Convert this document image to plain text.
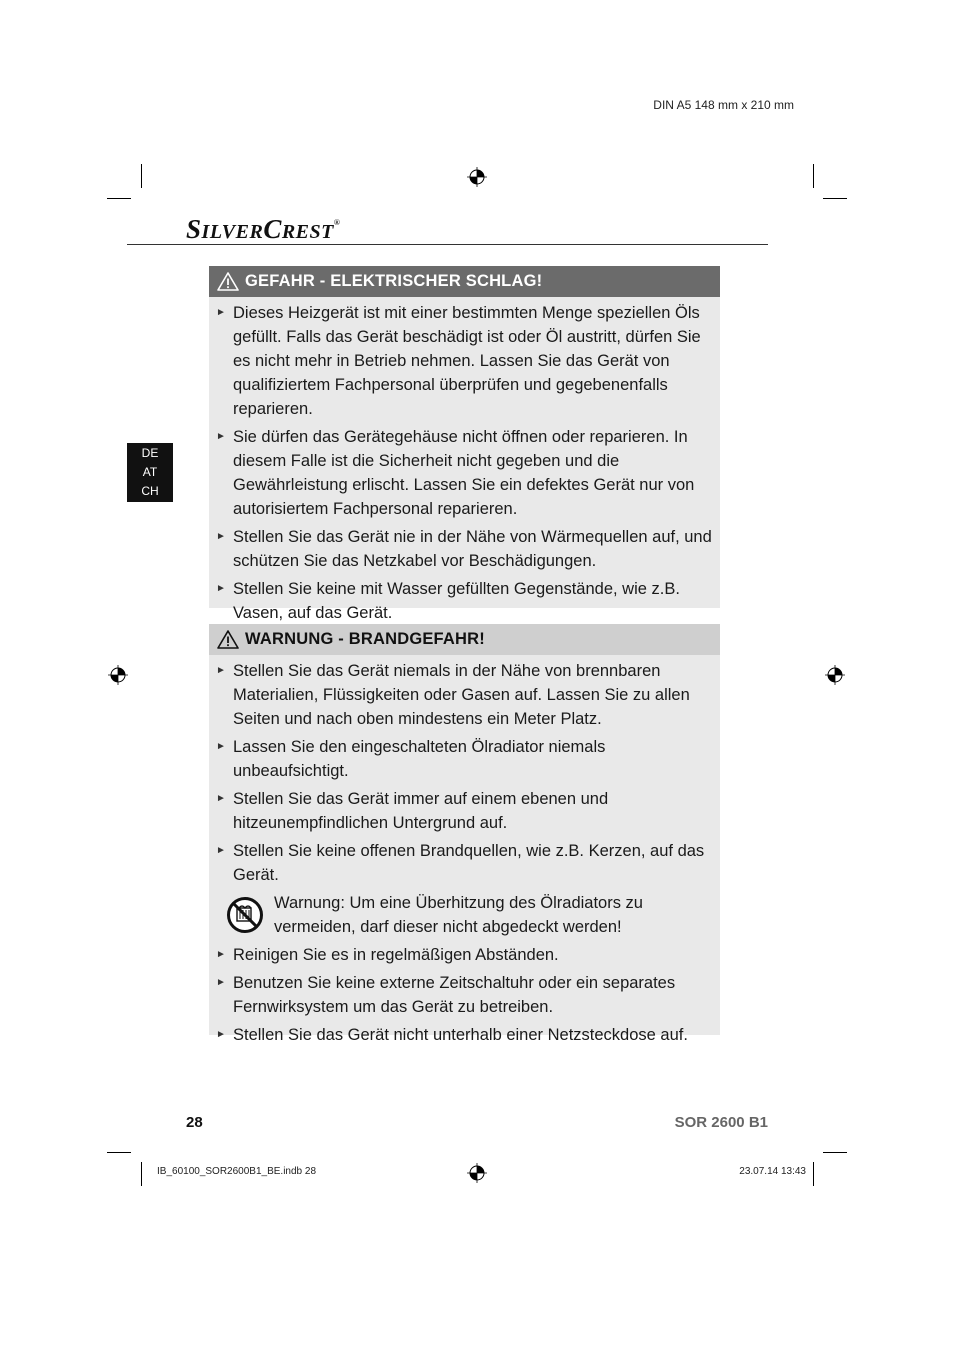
DIN A5 148 mm x 210 mm
SILVERCREST®
DE
AT
CH
GEFAHR - ELEKTRISCHER SCHLAG!
► Dieses Heizgerät ist mit einer bestimmten Menge speziellen Öls gefüllt. Falls das Gerät beschädigt ist oder Öl austritt, dürfen Sie es nicht mehr in Betrieb nehmen. Lassen Sie das Gerät von qualifiziertem Fachpersonal überprüfen und gegebenenfalls reparieren.
► Sie dürfen das Gerätegehäuse nicht öffnen oder reparieren. In diesem Falle ist die Sicherheit nicht gegeben und die Gewährleistung erlischt. Lassen Sie ein defektes Gerät nur von autorisiertem Fachpersonal reparieren.
► Stellen Sie das Gerät nie in der Nähe von Wärmequellen auf, und schützen Sie das Netzkabel vor Beschädigungen.
► Stellen Sie keine mit Wasser gefüllten Gegenstände, wie z.B. Vasen, auf das Gerät.
WARNUNG - BRANDGEFAHR!
► Stellen Sie das Gerät niemals in der Nähe von brennbaren Materialien, Flüssigkeiten oder Gasen auf. Lassen Sie zu allen Seiten und nach oben mindestens ein Meter Platz.
► Lassen Sie den eingeschalteten Ölradiator niemals unbeaufsichtigt.
► Stellen Sie das Gerät immer auf einem ebenen und hitzeunempfindlichen Untergrund auf.
► Stellen Sie keine offenen Brandquellen, wie z.B. Kerzen, auf das Gerät.
Warnung: Um eine Überhitzung des Ölradiators zu vermeiden, darf dieser nicht abgedeckt werden!
► Reinigen Sie es in regelmäßigen Abständen.
► Benutzen Sie keine externe Zeitschaltuhr oder ein separates Fernwirksystem um das Gerät zu betreiben.
► Stellen Sie das Gerät nicht unterhalb einer Netzsteckdose auf.
28	SOR 2600 B1
IB_60100_SOR2600B1_BE.indb 28	23.07.14 13:43
